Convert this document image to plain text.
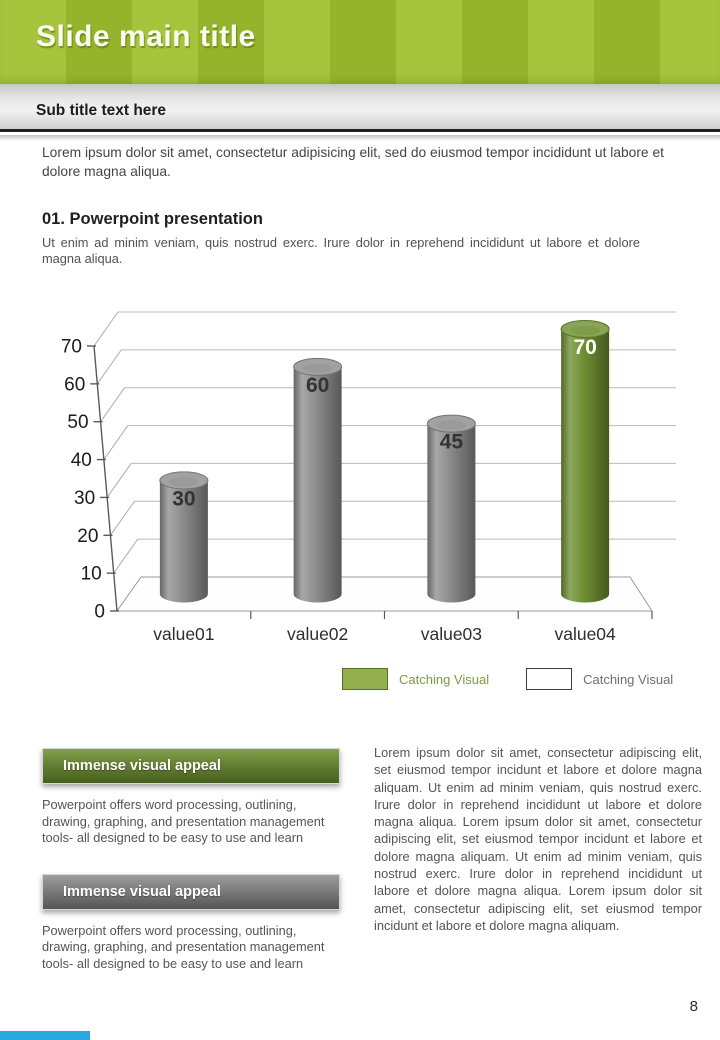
Slide main title
Sub title text here
Lorem ipsum dolor sit amet, consectetur adipisicing elit, sed do eiusmod tempor incididunt ut labore et dolore magna aliqua.
01. Powerpoint presentation
Ut enim ad minim veniam, quis nostrud exerc. Irure dolor in reprehend incididunt ut labore et dolore magna aliqua.
0
10
20
30
40
50
60
70
30
value01
60
value02
45
value03
70
value04
Catching Visual	Catching Visual
Immense visual appeal
Powerpoint offers word processing, outlining, drawing, graphing, and presentation management tools- all designed to be easy to use and learn
Immense visual appeal
Powerpoint offers word processing, outlining, drawing, graphing, and presentation management tools- all designed to be easy to use and learn
Lorem ipsum dolor sit amet, consectetur adipiscing elit, set eiusmod tempor incidunt et labore et dolore magna aliquam. Ut enim ad minim veniam, quis nostrud exerc. Irure dolor in reprehend incididunt ut labore et dolore magna aliqua. Lorem ipsum dolor sit amet, consectetur adipiscing elit, set eiusmod tempor incidunt et labore et dolore magna aliquam. Ut enim ad minim veniam, quis nostrud exerc. Irure dolor in reprehend incididunt ut labore et dolore magna aliqua. Lorem ipsum dolor sit amet, consectetur adipiscing elit, set eiusmod tempor incidunt et labore et dolore magna aliquam.
8
